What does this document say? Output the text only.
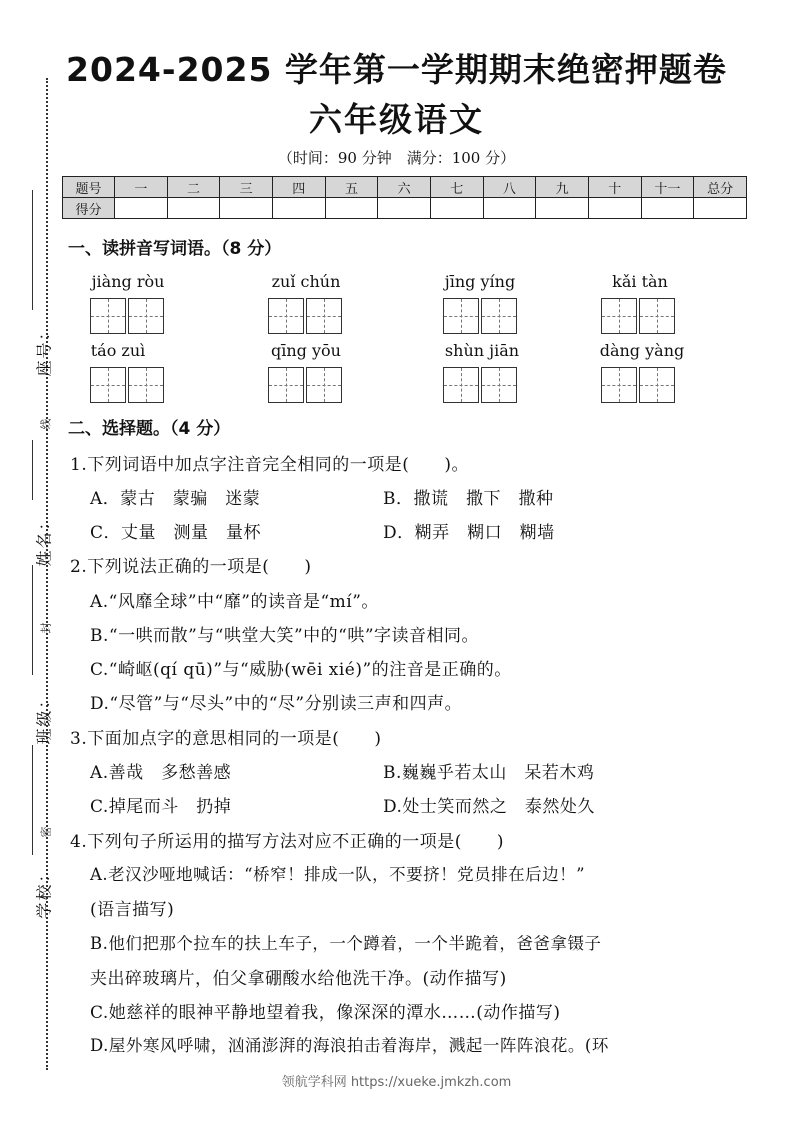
座号：
线
姓名：
封
班级：
密
学校：
2024-2025 学年第一学期期末绝密押题卷
六年级语文
（时间：90 分钟　满分：100 分）
题号	一	二	三	四	五	六	七	八	九	十	十一	总分
得分												
一、读拼音写词语。（8 分）
jiàng ròu	zuǐ chún	jīng yíng	kǎi tàn
táo zuì	qīng yōu	shùn jiān	dàng yàng
二、选择题。（4 分）
1.下列词语中加点字注音完全相同的一项是(　　)。
A．蒙古　蒙骗　迷蒙	B．撒谎　撒下　撒种
C．丈量　测量　量杯	D．糊弄　糊口　糊墙
2.下列说法正确的一项是(　　)
A.“风靡全球”中“靡”的读音是“mí”。
B.“一哄而散”与“哄堂大笑”中的“哄”字读音相同。
C.“崎岖(qí qū)”与“威胁(wēi xié)”的注音是正确的。
D.“尽管”与“尽头”中的“尽”分别读三声和四声。
3.下面加点字的意思相同的一项是(　　)
A.善哉　多愁善感	B.巍巍乎若太山　呆若木鸡
C.掉尾而斗　扔掉	D.处士笑而然之　泰然处久
4.下列句子所运用的描写方法对应不正确的一项是(　　)
A.老汉沙哑地喊话：“桥窄！排成一队，不要挤！党员排在后边！”
(语言描写)
B.他们把那个拉车的扶上车子，一个蹲着，一个半跪着，爸爸拿镊子
夹出碎玻璃片，伯父拿硼酸水给他洗干净。(动作描写)
C.她慈祥的眼神平静地望着我，像深深的潭水……(动作描写)
D.屋外寒风呼啸，汹涌澎湃的海浪拍击着海岸，溅起一阵阵浪花。(环
领航学科网 https://xueke.jmkzh.com
